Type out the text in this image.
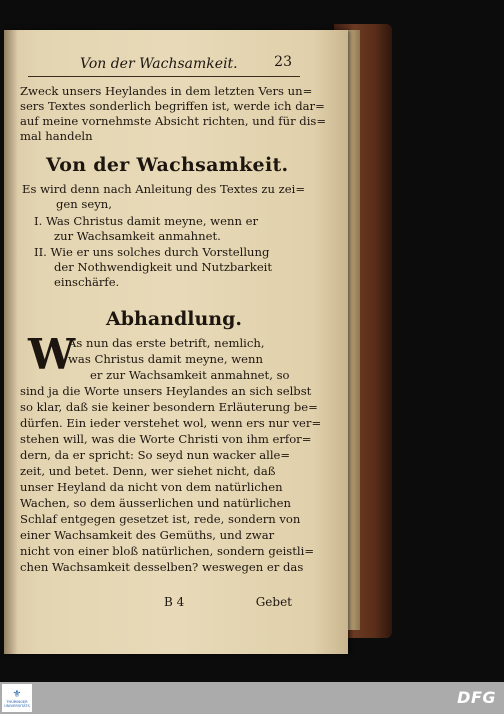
Von der Wachsamkeit.	23
Zweck unsers Heylandes in dem letzten Vers un=
sers Textes sonderlich begriffen ist, werde ich dar=
auf meine vornehmste Absicht richten, und für dis=
mal handeln
Von der Wachsamkeit.
Es wird denn nach Anleitung des Textes zu zei=
gen seyn,
I. Was Christus damit meyne, wenn er
zur Wachsamkeit anmahnet.
II. Wie er uns solches durch Vorstellung
der Nothwendigkeit und Nutzbarkeit
einschärfe.
Abhandlung.
W
As nun das erste betrift, nemlich,
was Christus damit meyne, wenn
er zur Wachsamkeit anmahnet, so
sind ja die Worte unsers Heylandes an sich selbst
so klar, daß sie keiner besondern Erläuterung be=
dürfen. Ein ieder verstehet wol, wenn ers nur ver=
stehen will, was die Worte Christi von ihm erfor=
dern, da er spricht: So seyd nun wacker alle=
zeit, und betet. Denn, wer siehet nicht, daß
unser Heyland da nicht von dem natürlichen
Wachen, so dem äusserlichen und natürlichen
Schlaf entgegen gesetzet ist, rede, sondern von
einer Wachsamkeit des Gemüths, und zwar
nicht von einer bloß natürlichen, sondern geistli=
chen Wachsamkeit desselben? weswegen er das
B 4	Gebet
⚜
THÜRINGER UNIVERSITÄTS	DFG
